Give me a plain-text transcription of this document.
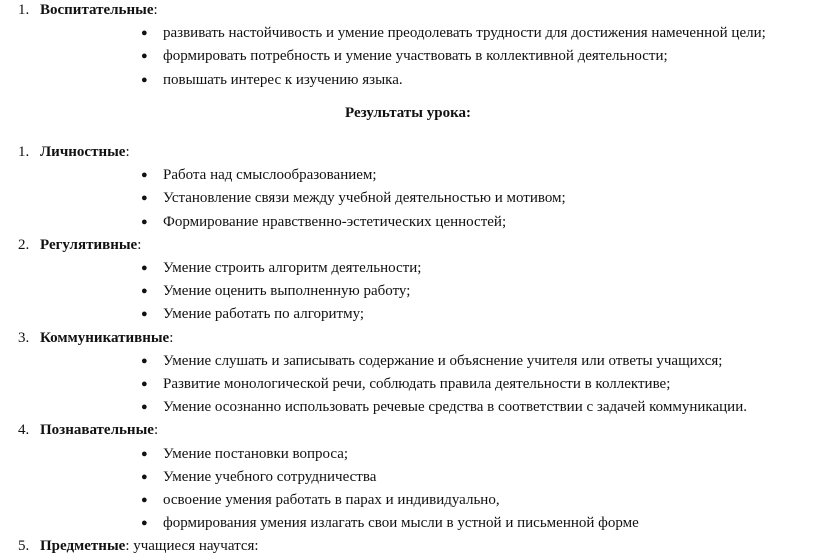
1. Воспитательные:
● развивать настойчивость и умение преодолевать трудности для достижения намеченной цели;
● формировать потребность и умение участвовать в коллективной деятельности;
● повышать интерес к изучению языка.
Результаты урока:
1. Личностные:
● Работа над смыслообразованием;
● Установление связи между учебной деятельностью и мотивом;
● Формирование нравственно-эстетических ценностей;
2. Регулятивные:
● Умение строить алгоритм деятельности;
● Умение оценить выполненную работу;
● Умение работать по алгоритму;
3. Коммуникативные:
● Умение слушать и записывать содержание и объяснение учителя или ответы учащихся;
● Развитие монологической речи, соблюдать правила деятельности в коллективе;
● Умение осознанно использовать речевые средства в соответствии с задачей коммуникации.
4. Познавательные:
● Умение постановки вопроса;
● Умение учебного сотрудничества
● освоение умения работать в парах и индивидуально,
● формирования умения излагать свои мысли в устной и письменной форме
5. Предметные: учащиеся научатся:
